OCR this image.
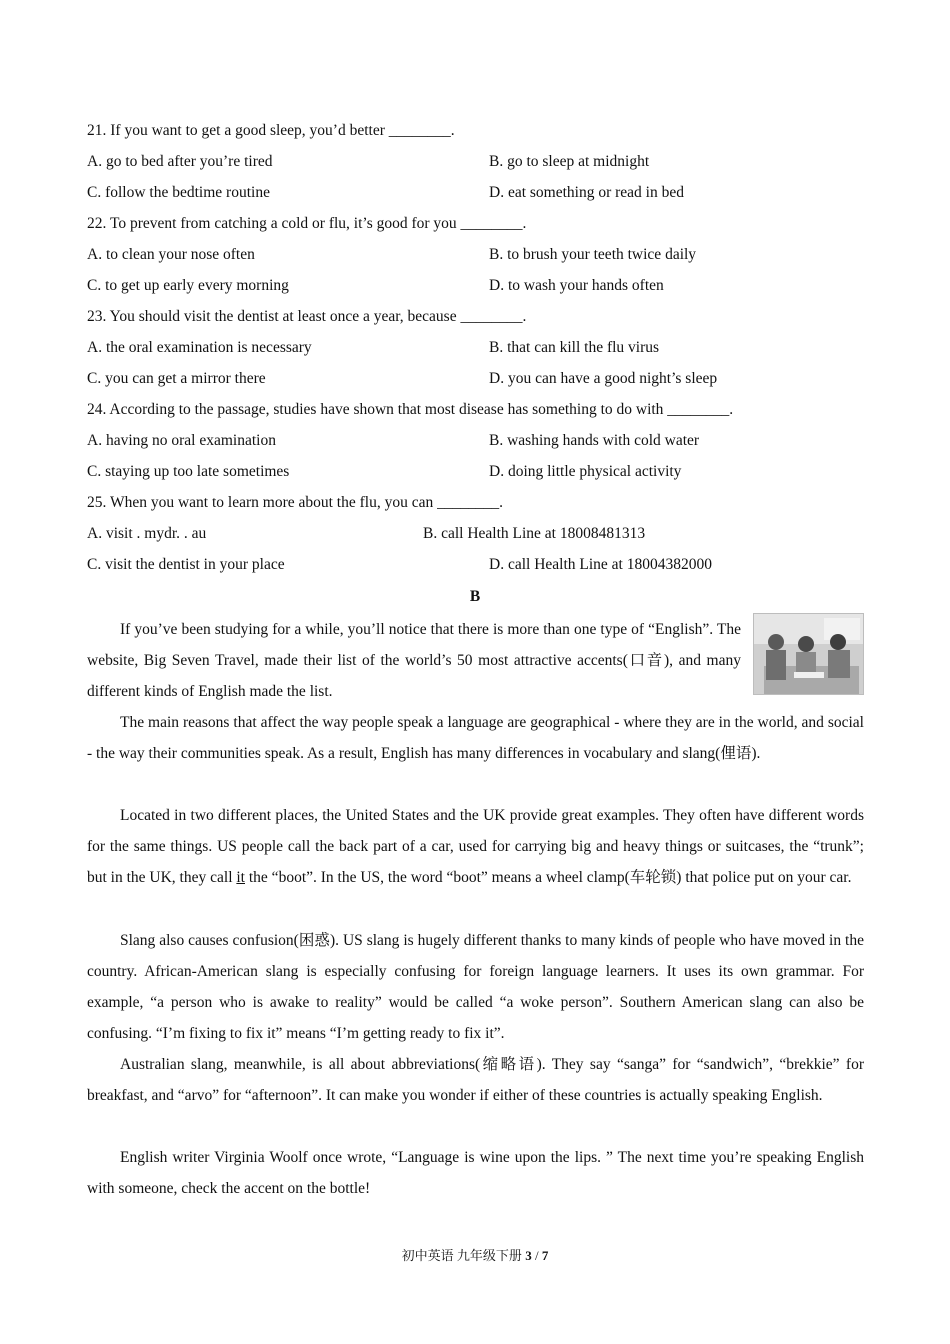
21. If you want to get a good sleep, you’d better ________.
A. go to bed after you’re tired	B. go to sleep at midnight
C. follow the bedtime routine	D. eat something or read in bed
22. To prevent from catching a cold or flu, it’s good for you ________.
A. to clean your nose often	B. to brush your teeth twice daily
C. to get up early every morning	D. to wash your hands often
23. You should visit the dentist at least once a year, because ________.
A. the oral examination is necessary	B. that can kill the flu virus
C. you can get a mirror there	D. you can have a good night’s sleep
24. According to the passage, studies have shown that most disease has something to do with ________.
A. having no oral examination	B. washing hands with cold water
C. staying up too late sometimes	D. doing little physical activity
25. When you want to learn more about the flu, you can ________.
A. visit . mydr. . au	B. call Health Line at 18008481313
C. visit the dentist in your place	D. call Health Line at 18004382000
B

If you’ve been studying for a while, you’ll notice that there is more than one type of “English”. The website, Big Seven Travel, made their list of the world’s 50 most attractive accents(口音), and many different kinds of English made the list.

The main reasons that affect the way people speak a language are geographical - where they are in the world, and social - the way their communities speak. As a result, English has many differences in vocabulary and slang(俚语).

Located in two different places, the United States and the UK provide great examples. They often have different words for the same things. US people call the back part of a car, used for carrying big and heavy things or suitcases, the “trunk”; but in the UK, they call it the “boot”. In the US, the word “boot” means a wheel clamp(车轮锁) that police put on your car.

Slang also causes confusion(困惑). US slang is hugely different thanks to many kinds of people who have moved in the country. African-American slang is especially confusing for foreign language learners. It uses its own grammar. For example, “a person who is awake to reality” would be called “a woke person”. Southern American slang can also be confusing. “I’m fixing to fix it” means “I’m getting ready to fix it”.

Australian slang, meanwhile, is all about abbreviations(缩略语). They say “sanga” for “sandwich”, “brekkie” for breakfast, and “arvo” for “afternoon”. It can make you wonder if either of these countries is actually speaking English.

English writer Virginia Woolf once wrote, “Language is wine upon the lips. ” The next time you’re speaking English with someone, check the accent on the bottle!

初中英语 九年级下册 3 / 7
